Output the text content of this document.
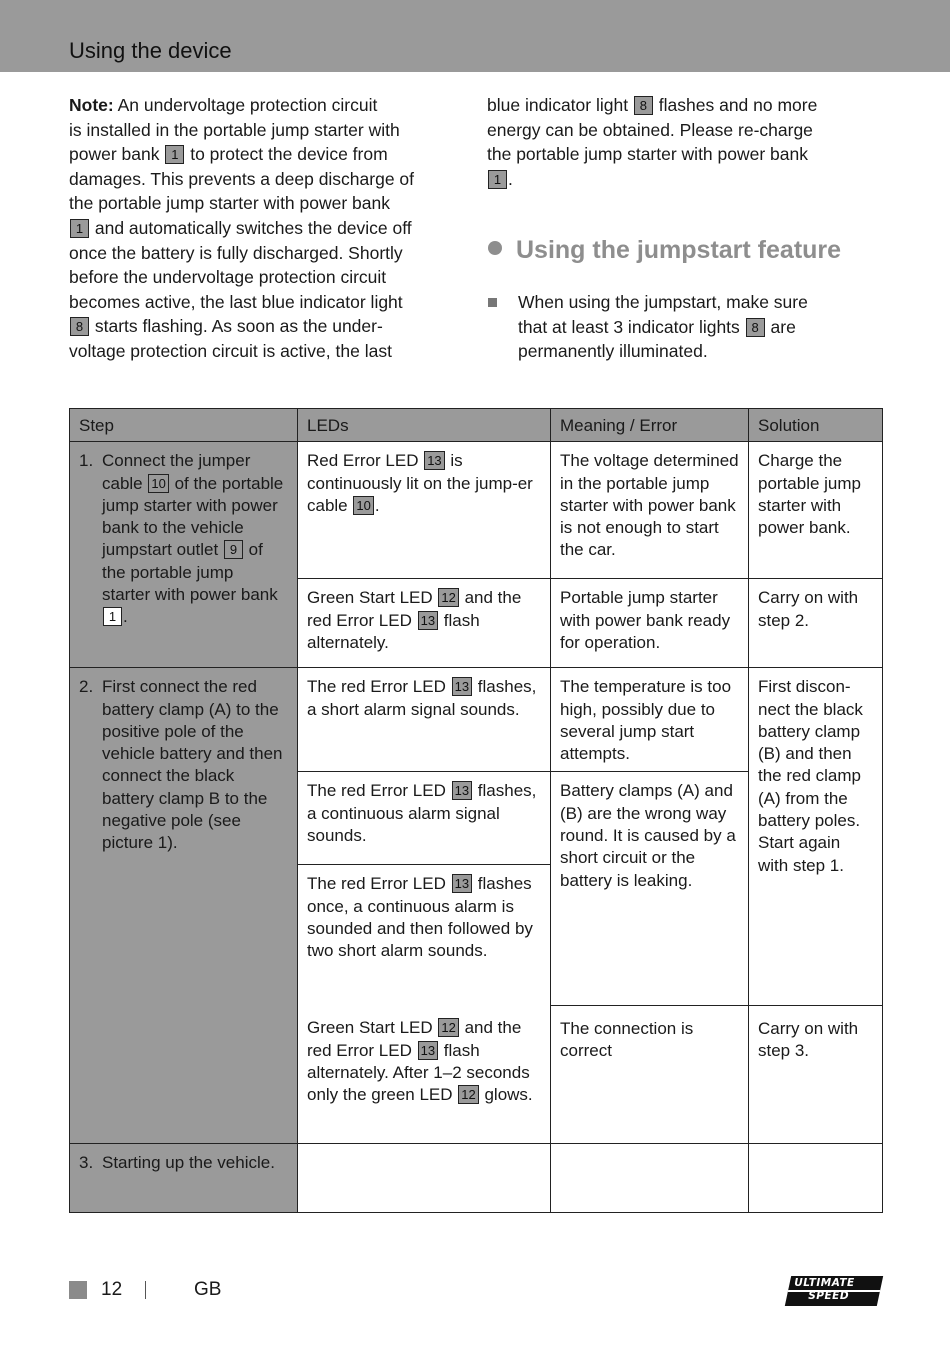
Using the device

Note: An undervoltage protection circuit

is installed in the portable jump starter with

power bank 1 to protect the device from

damages. This prevents a deep discharge of

the portable jump starter with power bank

1 and automatically switches the device off

once the battery is fully discharged. Shortly

before the undervoltage protection circuit

becomes active, the last blue indicator light

8 starts flashing. As soon as the under-

voltage protection circuit is active, the last

blue indicator light 8 flashes and no more

energy can be obtained. Please re-charge

the portable jump starter with power bank

1 .

Using the jumpstart feature

When using the jumpstart, make sure

that at least 3 indicator lights 8 are

permanently illuminated.

Step	LEDs	Meaning / Error	Solution
1. Connect the jumper cable 10 of the portable jump starter with power bank to the vehicle jumpstart outlet 9 of the portable jump starter with power bank 1 .	Red Error LED 13 is continuously lit on the jump-er cable 10 .	The voltage determined in the portable jump starter with power bank is not enough to start the car.	Charge the portable jump starter with power bank.
	Green Start LED 12 and the red Error LED 13 flash alternately.	Portable jump starter with power bank ready for operation.	Carry on with step 2.
2. First connect the red battery clamp (A) to the positive pole of the vehicle battery and then connect the black battery clamp B to the negative pole (see picture 1).	The red Error LED 13 flashes, a short alarm signal sounds.	The temperature is too high, possibly due to several jump start attempts.	First discon-nect the black battery clamp (B) and then the red clamp (A) from the battery poles. Start again with step 1.
	The red Error LED 13 flashes, a continuous alarm signal sounds.	Battery clamps (A) and (B) are the wrong way round. It is caused by a short circuit or the battery is leaking.	
	The red Error LED 13 flashes once, a continuous alarm is sounded and then followed by two short alarm sounds.		
	Green Start LED 12 and the red Error LED 13 flash alternately. After 1–2 seconds only the green LED 12 glows.	The connection is correct	Carry on with step 3.
3. Starting up the vehicle.			
12	GB	ULTIMATE
SPEED
